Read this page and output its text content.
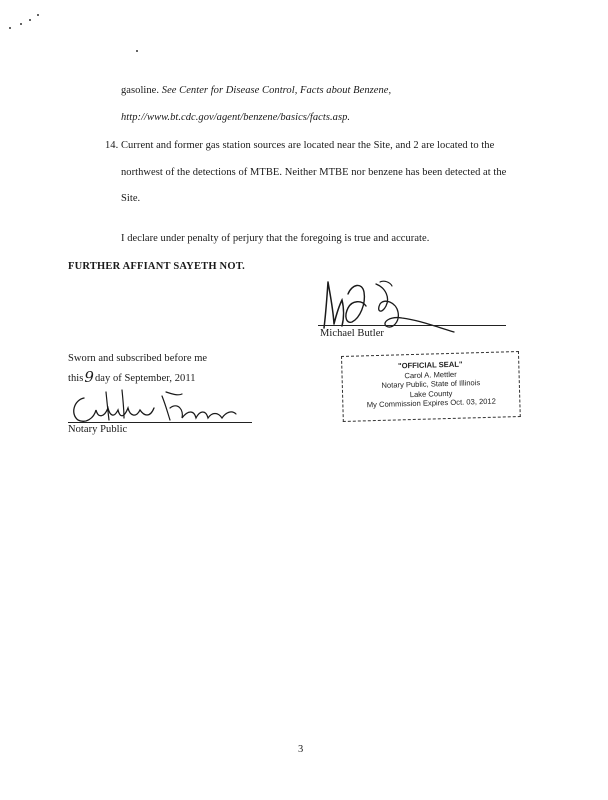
gasoline. See Center for Disease Control, Facts about Benzene,
http://www.bt.cdc.gov/agent/benzene/basics/facts.asp.
14. Current and former gas station sources are located near the Site, and 2 are located to the
northwest of the detections of MTBE. Neither MTBE nor benzene has been detected at the
Site.
I declare under penalty of perjury that the foregoing is true and accurate.
FURTHER AFFIANT SAYETH NOT.
Michael Butler
Sworn and subscribed before me
this9day of September, 2011
Notary Public
"OFFICIAL SEAL"
Carol A. Mettler
Notary Public, State of Illinois
Lake County
My Commission Expires Oct. 03, 2012
3
